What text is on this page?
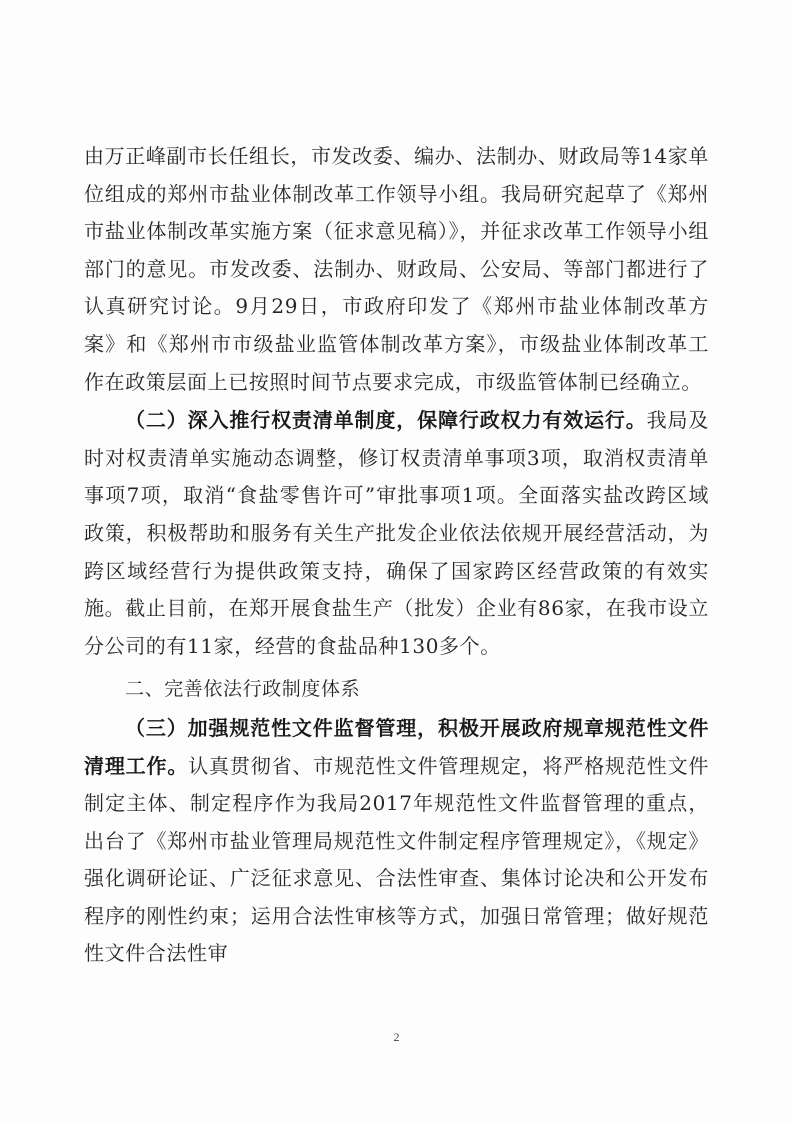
由万正峰副市长任组长，市发改委、编办、法制办、财政局等14家单位组成的郑州市盐业体制改革工作领导小组。我局研究起草了《郑州市盐业体制改革实施方案（征求意见稿）》，并征求改革工作领导小组部门的意见。市发改委、法制办、财政局、公安局、等部门都进行了认真研究讨论。9月29日，市政府印发了《郑州市盐业体制改革方案》和《郑州市市级盐业监管体制改革方案》，市级盐业体制改革工作在政策层面上已按照时间节点要求完成，市级监管体制已经确立。

（二）深入推行权责清单制度，保障行政权力有效运行。我局及时对权责清单实施动态调整，修订权责清单事项3项，取消权责清单事项7项，取消“食盐零售许可”审批事项1项。全面落实盐改跨区域政策，积极帮助和服务有关生产批发企业依法依规开展经营活动，为跨区域经营行为提供政策支持，确保了国家跨区经营政策的有效实施。截止目前，在郑开展食盐生产（批发）企业有86家，在我市设立分公司的有11家，经营的食盐品种130多个。

二、完善依法行政制度体系

（三）加强规范性文件监督管理，积极开展政府规章规范性文件清理工作。认真贯彻省、市规范性文件管理规定，将严格规范性文件制定主体、制定程序作为我局2017年规范性文件监督管理的重点，出台了《郑州市盐业管理局规范性文件制定程序管理规定》，《规定》强化调研论证、广泛征求意见、合法性审查、集体讨论决和公开发布程序的刚性约束；运用合法性审核等方式，加强日常管理；做好规范性文件合法性审

2
